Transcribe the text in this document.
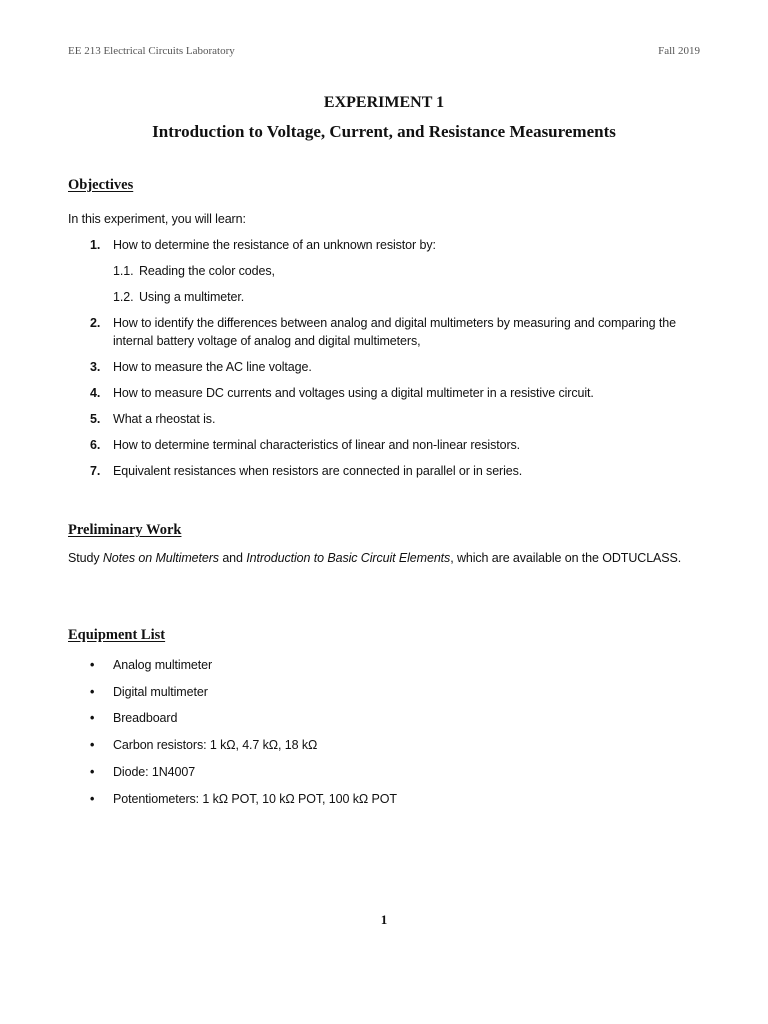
EE 213 Electrical Circuits Laboratory	Fall 2019
EXPERIMENT 1
Introduction to Voltage, Current, and Resistance Measurements
Objectives
In this experiment, you will learn:
1.	How to determine the resistance of an unknown resistor by:
1.1. Reading the color codes,
1.2. Using a multimeter.
2.	How to identify the differences between analog and digital multimeters by measuring and comparing the internal battery voltage of analog and digital multimeters,
3.	How to measure the AC line voltage.
4.	How to measure DC currents and voltages using a digital multimeter in a resistive circuit.
5.	What a rheostat is.
6.	How to determine terminal characteristics of linear and non-linear resistors.
7.	Equivalent resistances when resistors are connected in parallel or in series.
Preliminary Work
Study Notes on Multimeters and Introduction to Basic Circuit Elements, which are available on the ODTUCLASS.
Equipment List
• Analog multimeter
• Digital multimeter
• Breadboard
• Carbon resistors: 1 kΩ, 4.7 kΩ, 18 kΩ
• Diode: 1N4007
• Potentiometers: 1 kΩ POT, 10 kΩ POT, 100 kΩ POT
1
